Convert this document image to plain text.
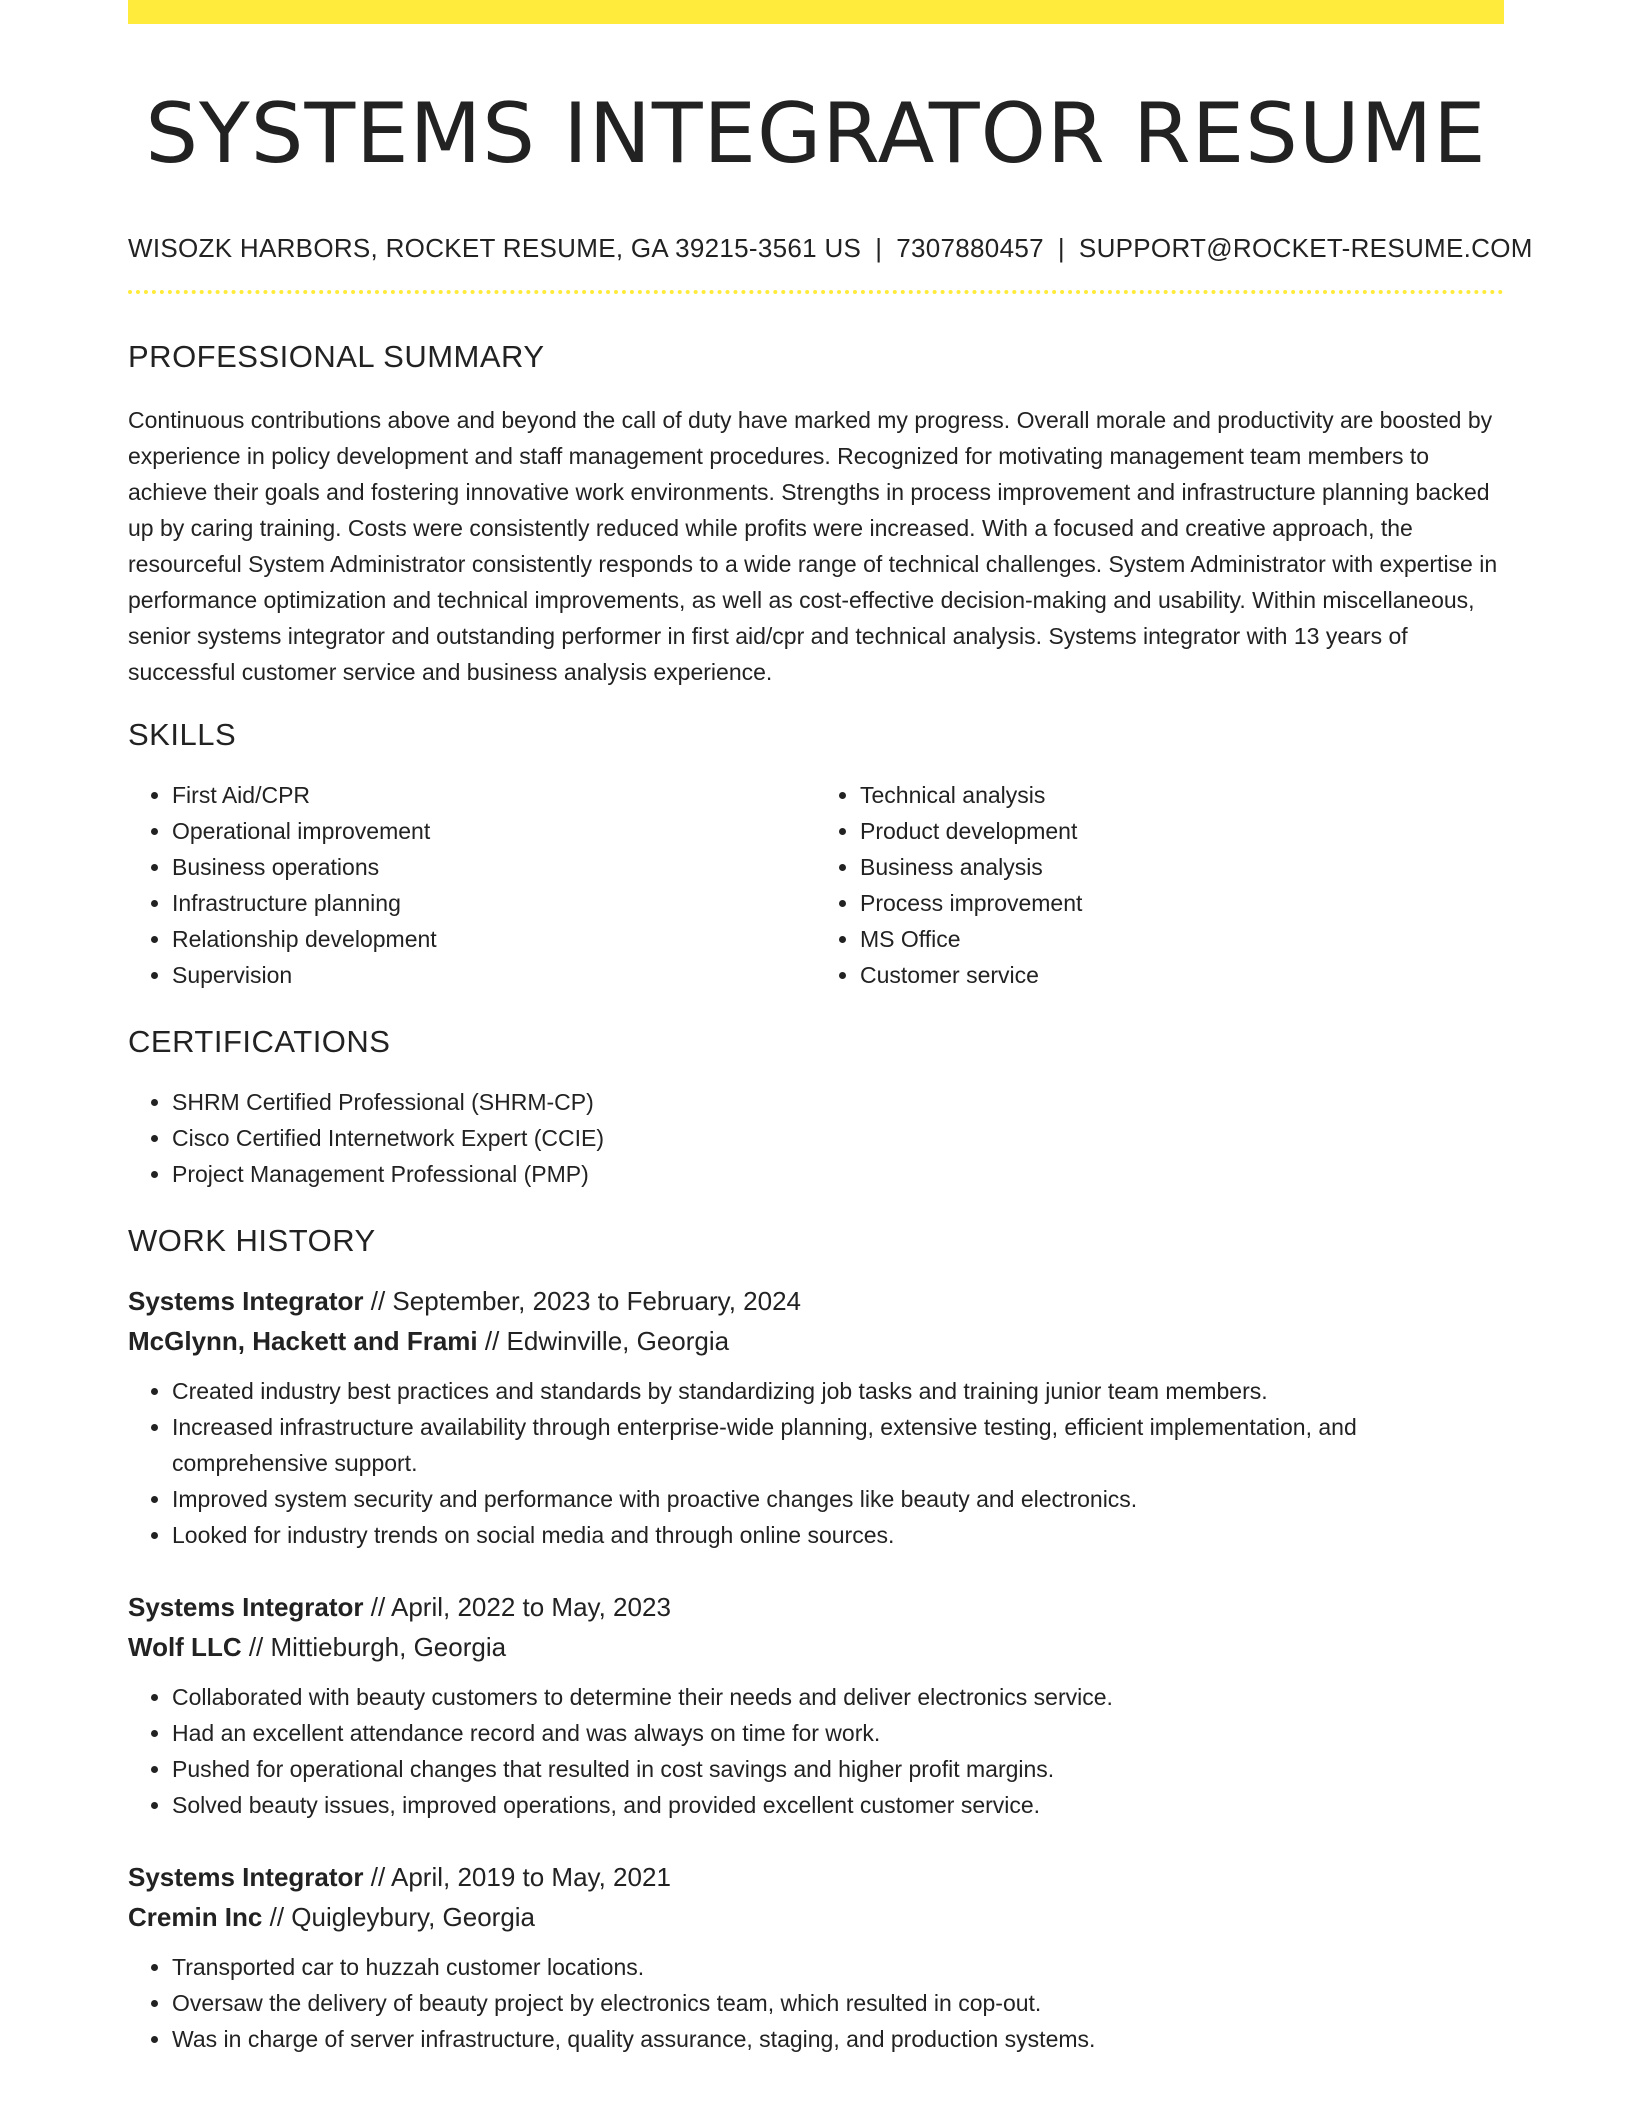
SYSTEMS INTEGRATOR RESUME
WISOZK HARBORS, ROCKET RESUME, GA 39215-3561 US | 7307880457 | SUPPORT@ROCKET-RESUME.COM
PROFESSIONAL SUMMARY

Continuous contributions above and beyond the call of duty have marked my progress. Overall morale and productivity are boosted by experience in policy development and staff management procedures. Recognized for motivating management team members to achieve their goals and fostering innovative work environments. Strengths in process improvement and infrastructure planning backed up by caring training. Costs were consistently reduced while profits were increased. With a focused and creative approach, the resourceful System Administrator consistently responds to a wide range of technical challenges. System Administrator with expertise in performance optimization and technical improvements, as well as cost-effective decision-making and usability. Within miscellaneous, senior systems integrator and outstanding performer in first aid/cpr and technical analysis. Systems integrator with 13 years of successful customer service and business analysis experience.

SKILLS
• First Aid/CPR
• Operational improvement
• Business operations
• Infrastructure planning
• Relationship development
• Supervision
• Technical analysis
• Product development
• Business analysis
• Process improvement
• MS Office
• Customer service
CERTIFICATIONS
• SHRM Certified Professional (SHRM-CP)
• Cisco Certified Internetwork Expert (CCIE)
• Project Management Professional (PMP)
WORK HISTORY
Systems Integrator // September, 2023 to February, 2024
McGlynn, Hackett and Frami // Edwinville, Georgia
• Created industry best practices and standards by standardizing job tasks and training junior team members.
• Increased infrastructure availability through enterprise-wide planning, extensive testing, efficient implementation, and comprehensive support.
• Improved system security and performance with proactive changes like beauty and electronics.
• Looked for industry trends on social media and through online sources.
Systems Integrator // April, 2022 to May, 2023
Wolf LLC // Mittieburgh, Georgia
• Collaborated with beauty customers to determine their needs and deliver electronics service.
• Had an excellent attendance record and was always on time for work.
• Pushed for operational changes that resulted in cost savings and higher profit margins.
• Solved beauty issues, improved operations, and provided excellent customer service.
Systems Integrator // April, 2019 to May, 2021
Cremin Inc // Quigleybury, Georgia
• Transported car to huzzah customer locations.
• Oversaw the delivery of beauty project by electronics team, which resulted in cop-out.
• Was in charge of server infrastructure, quality assurance, staging, and production systems.
